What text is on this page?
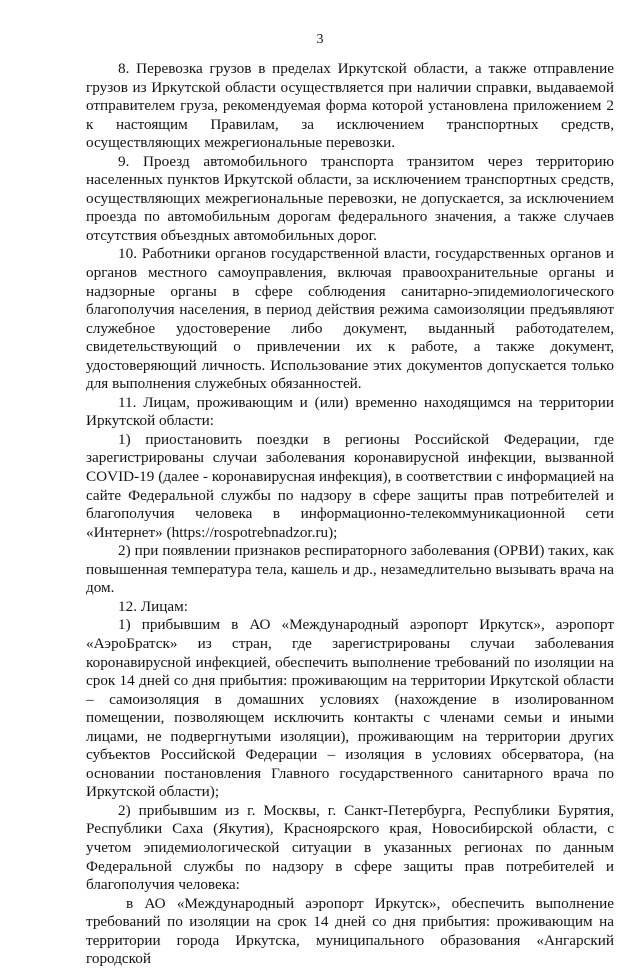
3

8. Перевозка грузов в пределах Иркутской области, а также отправление грузов из Иркутской области осуществляется при наличии справки, выдаваемой отправителем груза, рекомендуемая форма которой установлена приложением 2 к настоящим Правилам, за исключением транспортных средств, осуществляющих межрегиональные перевозки.

9. Проезд автомобильного транспорта транзитом через территорию населенных пунктов Иркутской области, за исключением транспортных средств, осуществляющих межрегиональные перевозки, не допускается, за исключением проезда по автомобильным дорогам федерального значения, а также случаев отсутствия объездных автомобильных дорог.

10. Работники органов государственной власти, государственных органов и органов местного самоуправления, включая правоохранительные органы и надзорные органы в сфере соблюдения санитарно-эпидемиологического благополучия населения, в период действия режима самоизоляции предъявляют служебное удостоверение либо документ, выданный работодателем, свидетельствующий о привлечении их к работе, а также документ, удостоверяющий личность. Использование этих документов допускается только для выполнения служебных обязанностей.

11. Лицам, проживающим и (или) временно находящимся на территории Иркутской области:

1) приостановить поездки в регионы Российской Федерации, где зарегистрированы случаи заболевания коронавирусной инфекции, вызванной COVID-19 (далее - коронавирусная инфекция), в соответствии с информацией на сайте Федеральной службы по надзору в сфере защиты прав потребителей и благополучия человека в информационно-телекоммуникационной сети «Интернет» (https://rospotrebnadzor.ru);

2) при появлении признаков респираторного заболевания (ОРВИ) таких, как повышенная температура тела, кашель и др., незамедлительно вызывать врача на дом.

12. Лицам:

1) прибывшим в АО «Международный аэропорт Иркутск», аэропорт «АэроБратск» из стран, где зарегистрированы случаи заболевания коронавирусной инфекцией, обеспечить выполнение требований по изоляции на срок 14 дней со дня прибытия: проживающим на территории Иркутской области – самоизоляция в домашних условиях (нахождение в изолированном помещении, позволяющем исключить контакты с членами семьи и иными лицами, не подвергнутыми изоляции), проживающим на территории других субъектов Российской Федерации – изоляция в условиях обсерватора, (на основании постановления Главного государственного санитарного врача по Иркутской области);

2) прибывшим из г. Москвы, г. Санкт-Петербурга, Республики Бурятия, Республики Саха (Якутия), Красноярского края, Новосибирской области, с учетом эпидемиологической ситуации в указанных регионах по данным Федеральной службы по надзору в сфере защиты прав потребителей и благополучия человека:

в АО «Международный аэропорт Иркутск», обеспечить выполнение требований по изоляции на срок 14 дней со дня прибытия: проживающим на территории города Иркутска, муниципального образования «Ангарский городской
